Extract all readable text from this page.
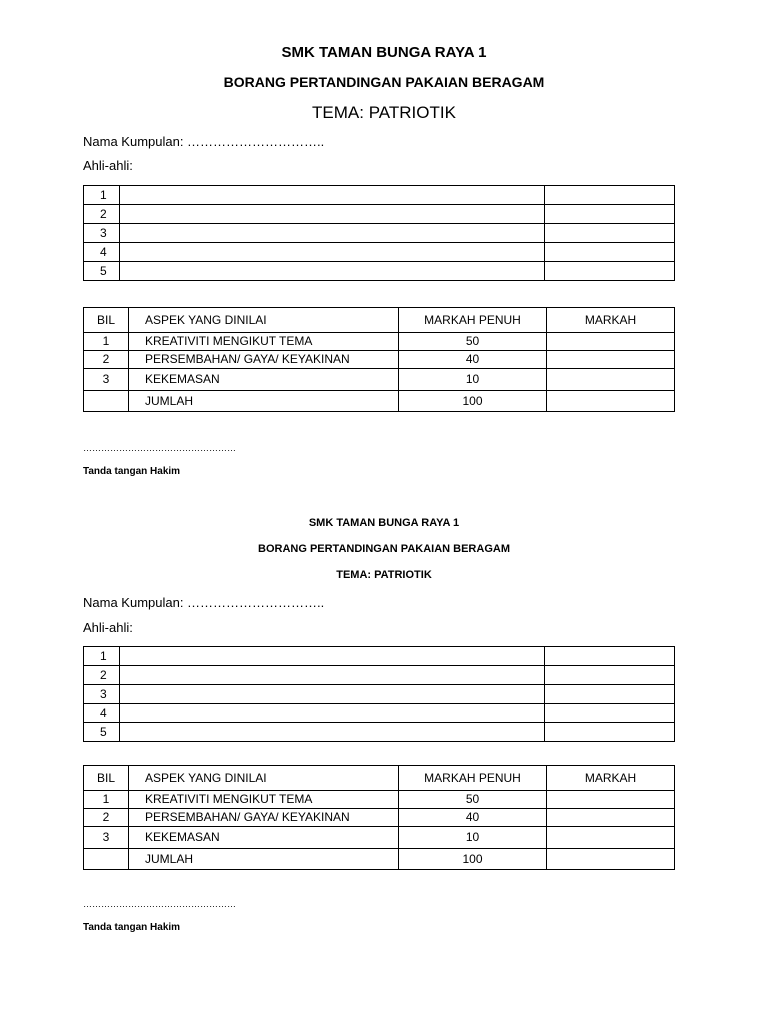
SMK TAMAN BUNGA RAYA 1
BORANG PERTANDINGAN PAKAIAN BERAGAM
TEMA: PATRIOTIK
Nama Kumpulan: …………………………..
Ahli-ahli:
1		
2		
3		
4		
5		
BIL	ASPEK YANG DINILAI	MARKAH PENUH	MARKAH
1	KREATIVITI MENGIKUT TEMA	50	
2	PERSEMBAHAN/ GAYA/ KEYAKINAN	40	
3	KEKEMASAN	10	
	JUMLAH	100	
……………………………………………
Tanda tangan Hakim
SMK TAMAN BUNGA RAYA 1
BORANG PERTANDINGAN PAKAIAN BERAGAM
TEMA: PATRIOTIK
Nama Kumpulan: …………………………..
Ahli-ahli:
1		
2		
3		
4		
5		
BIL	ASPEK YANG DINILAI	MARKAH PENUH	MARKAH
1	KREATIVITI MENGIKUT TEMA	50	
2	PERSEMBAHAN/ GAYA/ KEYAKINAN	40	
3	KEKEMASAN	10	
	JUMLAH	100	
……………………………………………
Tanda tangan Hakim
